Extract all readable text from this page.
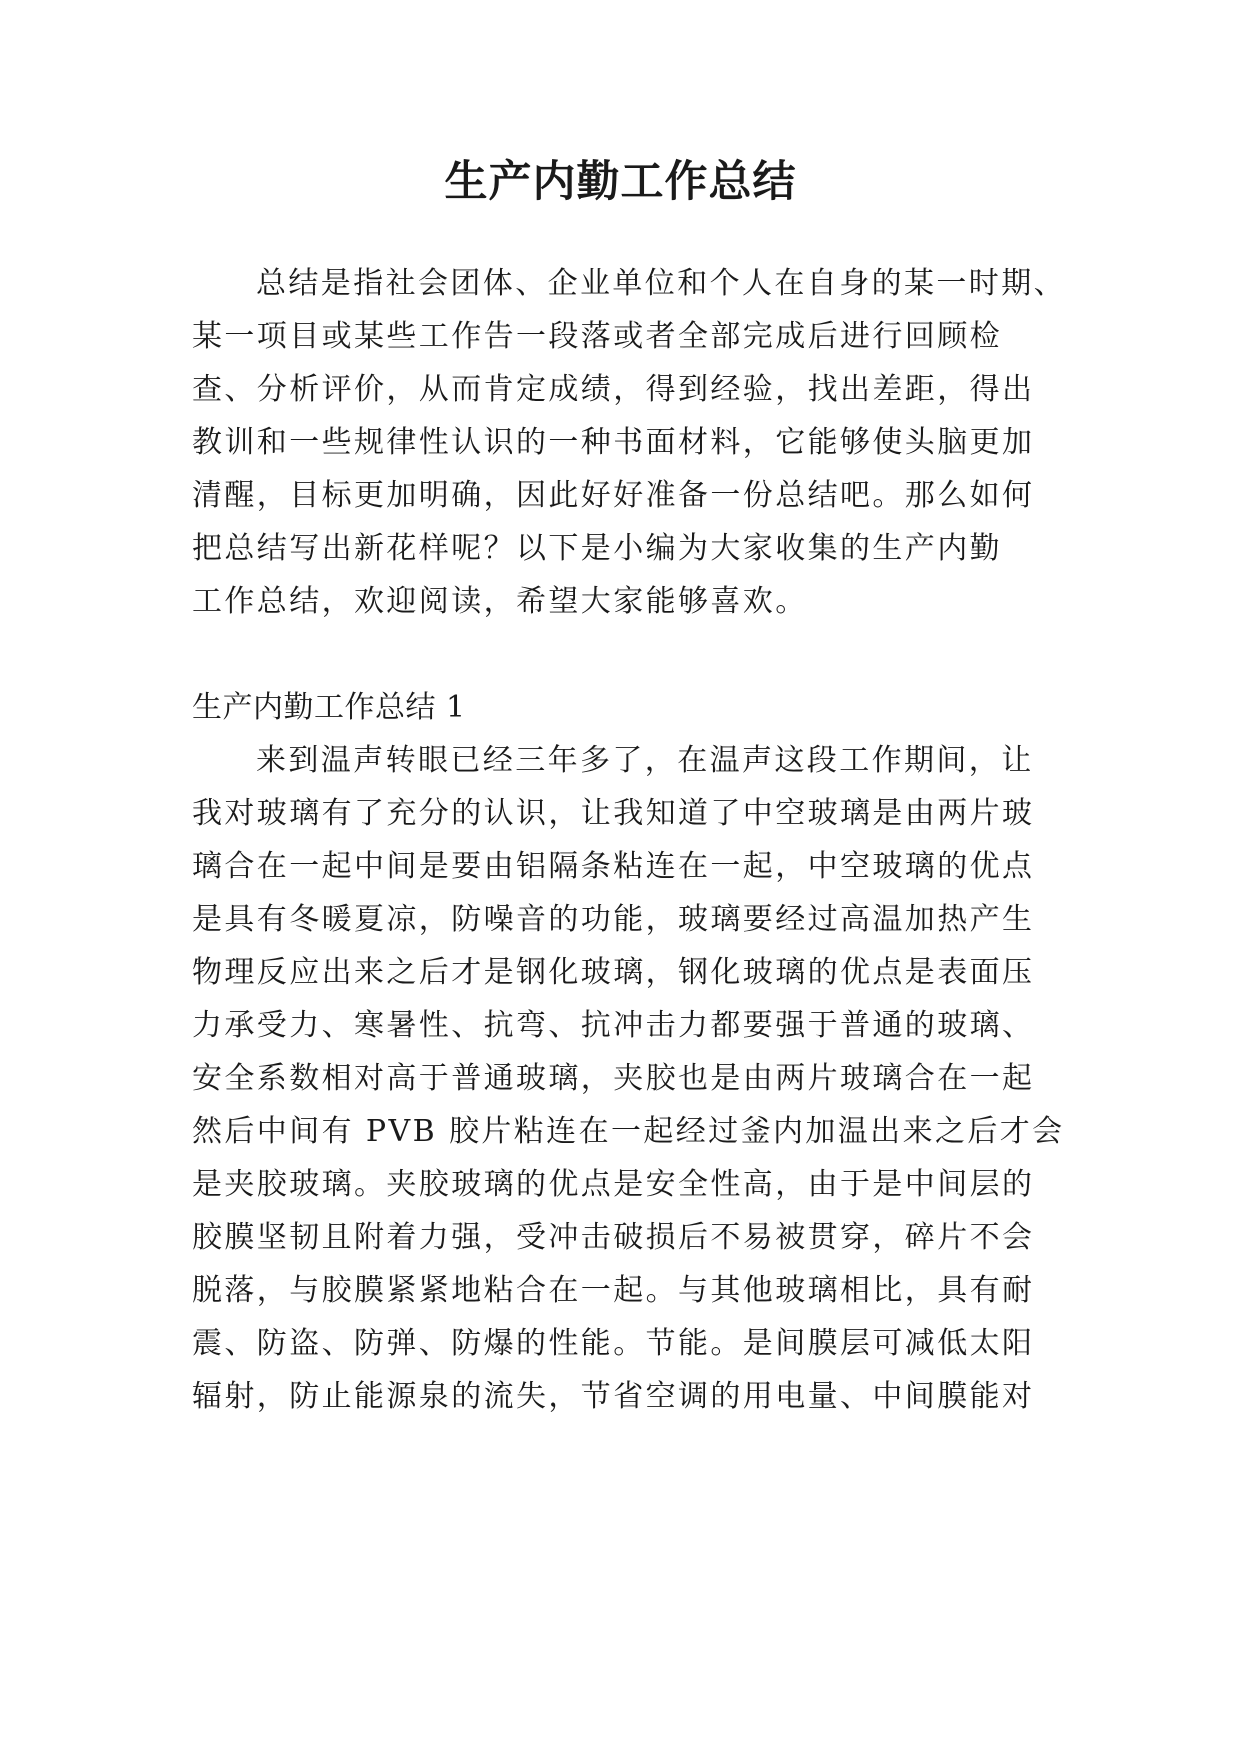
生产内勤工作总结

总结是指社会团体、企业单位和个人在自身的某一时期、

某一项目或某些工作告一段落或者全部完成后进行回顾检

查、分析评价，从而肯定成绩，得到经验，找出差距，得出

教训和一些规律性认识的一种书面材料，它能够使头脑更加

清醒，目标更加明确，因此好好准备一份总结吧。那么如何

把总结写出新花样呢？以下是小编为大家收集的生产内勤

工作总结，欢迎阅读，希望大家能够喜欢。

生产内勤工作总结 1

来到温声转眼已经三年多了，在温声这段工作期间，让

我对玻璃有了充分的认识，让我知道了中空玻璃是由两片玻

璃合在一起中间是要由铝隔条粘连在一起，中空玻璃的优点

是具有冬暖夏凉，防噪音的功能，玻璃要经过高温加热产生

物理反应出来之后才是钢化玻璃，钢化玻璃的优点是表面压

力承受力、寒暑性、抗弯、抗冲击力都要强于普通的玻璃、

安全系数相对高于普通玻璃，夹胶也是由两片玻璃合在一起

然后中间有 PVB 胶片粘连在一起经过釜内加温出来之后才会

是夹胶玻璃。夹胶玻璃的优点是安全性高，由于是中间层的

胶膜坚韧且附着力强，受冲击破损后不易被贯穿，碎片不会

脱落，与胶膜紧紧地粘合在一起。与其他玻璃相比，具有耐

震、防盗、防弹、防爆的性能。节能。是间膜层可减低太阳

辐射，防止能源泉的流失，节省空调的用电量、中间膜能对
